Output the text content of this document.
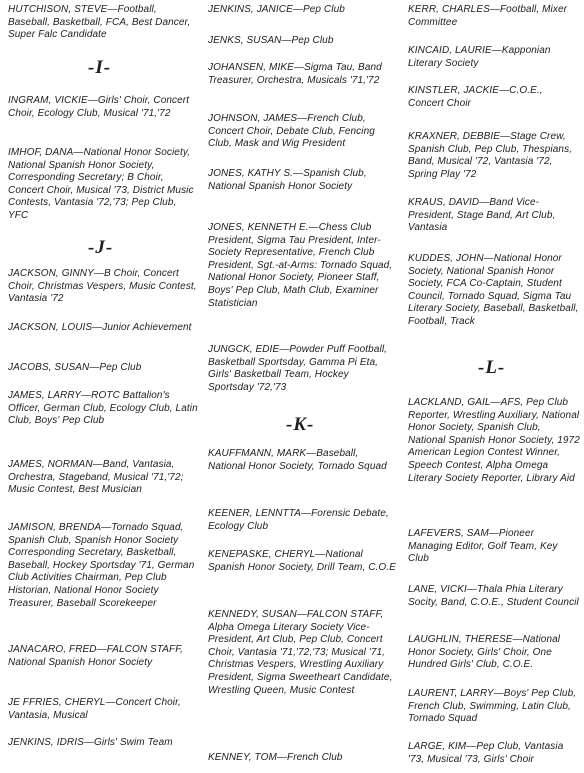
HUTCHISON, STEVE—Football, Baseball, Basketball, FCA, Best Dancer, Super Falc Candidate

-I-

INGRAM, VICKIE—Girls' Choir, Concert Choir, Ecology Club, Musical '71,'72

IMHOF, DANA—National Honor Society, National Spanish Honor Society, Corresponding Secretary; B Choir, Concert Choir, Musical '73, District Music Contests, Vantasia '72,'73; Pep Club, YFC

-J-

JACKSON, GINNY—B Choir, Concert Choir, Christmas Vespers, Music Contest, Vantasia '72

JACKSON, LOUIS—Junior Achievement

JACOBS, SUSAN—Pep Club

JAMES, LARRY—ROTC Battalion's Officer, German Club, Ecology Club, Latin Club, Boys' Pep Club

JAMES, NORMAN—Band, Vantasia, Orchestra, Stageband, Musical '71,'72; Music Contest, Best Musician

JAMISON, BRENDA—Tornado Squad, Spanish Club, Spanish Honor Society Corresponding Secretary, Basketball, Baseball, Hockey Sportsday '71, German Club Activities Chairman, Pep Club Historian, National Honor Society Treasurer, Baseball Scorekeeper

JANACARO, FRED—FALCON STAFF, National Spanish Honor Society

JE FFRIES, CHERYL—Concert Choir, Vantasia, Musical

JENKINS, IDRIS—Girls' Swim Team

JENKINS, JANICE—Pep Club

JENKS, SUSAN—Pep Club

JOHANSEN, MIKE—Sigma Tau, Band Treasurer, Orchestra, Musicals '71,'72

JOHNSON, JAMES—French Club, Concert Choir, Debate Club, Fencing Club, Mask and Wig President

JONES, KATHY S.—Spanish Club, National Spanish Honor Society

JONES, KENNETH E.—Chess Club President, Sigma Tau President, Inter-Society Representative, French Club President, Sgt.-at-Arms: Tornado Squad, National Honor Society, Pioneer Staff, Boys' Pep Club, Math Club, Examiner Statistician

JUNGCK, EDIE—Powder Puff Football, Basketball Sportsday, Gamma Pi Eta, Girls' Basketball Team, Hockey Sportsday '72,'73

-K-

KAUFFMANN, MARK—Baseball, National Honor Society, Tornado Squad

KEENER, LENNTTA—Forensic Debate, Ecology Club

KENEPASKE, CHERYL—National Spanish Honor Society, Drill Team, C.O.E

KENNEDY, SUSAN—FALCON STAFF, Alpha Omega Literary Society Vice-President, Art Club, Pep Club, Concert Choir, Vantasia '71,'72,'73; Musical '71, Christmas Vespers, Wrestling Auxiliary President, Sigma Sweetheart Candidate, Wrestling Queen, Music Contest

KENNEY, TOM—French Club

KERR, CHARLES—Football, Mixer Committee

KINCAID, LAURIE—Kapponian Literary Society

KINSTLER, JACKIE—C.O.E., Concert Choir

KRAXNER, DEBBIE—Stage Crew, Spanish Club, Pep Club, Thespians, Band, Musical '72, Vantasia '72, Spring Play '72

KRAUS, DAVID—Band Vice-President, Stage Band, Art Club, Vantasia

KUDDES, JOHN—National Honor Society, National Spanish Honor Society, FCA Co-Captain, Student Council, Tornado Squad, Sigma Tau Literary Society, Baseball, Basketball, Football, Track

-L-

LACKLAND, GAIL—AFS, Pep Club Reporter, Wrestling Auxiliary, National Honor Society, Spanish Club, National Spanish Honor Society, 1972 American Legion Contest Winner, Speech Contest, Alpha Omega Literary Society Reporter, Library Aid

LAFEVERS, SAM—Pioneer Managing Editor, Golf Team, Key Club

LANE, VICKI—Thala Phia Literary Socity, Band, C.O.E., Student Council

LAUGHLIN, THERESE—National Honor Society, Girls' Choir, One Hundred Girls' Club, C.O.E.

LAURENT, LARRY—Boys' Pep Club, French Club, Swimming, Latin Club, Tornado Squad

LARGE, KIM—Pep Club, Vantasia '73, Musical '73, Girls' Choir
